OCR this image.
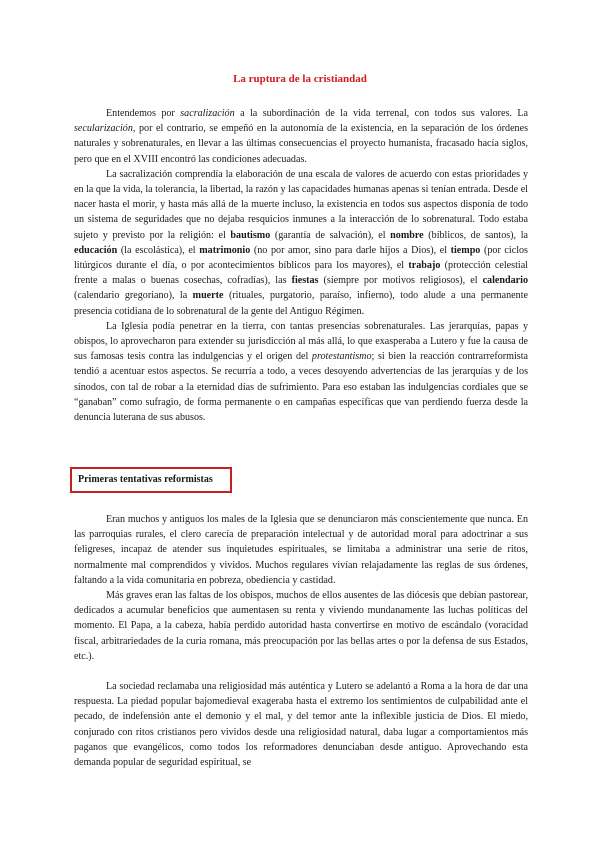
La ruptura de la cristiandad

Entendemos por sacralización a la subordinación de la vida terrenal, con todos sus valores. La secularización, por el contrario, se empeñó en la autonomía de la existencia, en la separación de los órdenes naturales y sobrenaturales, en llevar a las últimas consecuencias el proyecto humanista, fracasado hacía siglos, pero que en el XVIII encontró las condiciones adecuadas.

La sacralización comprendía la elaboración de una escala de valores de acuerdo con estas prioridades y en la que la vida, la tolerancia, la libertad, la razón y las capacidades humanas apenas si tenían entrada. Desde el nacer hasta el morir, y hasta más allá de la muerte incluso, la existencia en todos sus aspectos disponía de todo un sistema de seguridades que no dejaba resquicios inmunes a la interacción de lo sobrenatural. Todo estaba sujeto y previsto por la religión: el bautismo (garantía de salvación), el nombre (bíblicos, de santos), la educación (la escolástica), el matrimonio (no por amor, sino para darle hijos a Dios), el tiempo (por ciclos litúrgicos durante el día, o por acontecimientos bíblicos para los mayores), el trabajo (protección celestial frente a malas o buenas cosechas, cofradías), las fiestas (siempre por motivos religiosos), el calendario (calendario gregoriano), la muerte (rituales, purgatorio, paraíso, infierno), todo alude a una permanente presencia cotidiana de lo sobrenatural de la gente del Antiguo Régimen.

La Iglesia podía penetrar en la tierra, con tantas presencias sobrenaturales. Las jerarquías, papas y obispos, lo aprovecharon para extender su jurisdicción al más allá, lo que exasperaba a Lutero y fue la causa de sus famosas tesis contra las indulgencias y el origen del protestantismo; si bien la reacción contrarreformista tendió a acentuar estos aspectos. Se recurría a todo, a veces desoyendo advertencias de las jerarquías y de los sínodos, con tal de robar a la eternidad días de sufrimiento. Para eso estaban las indulgencias cordiales que se “ganaban” como sufragio, de forma permanente o en campañas específicas que van perdiendo fuerza desde la denuncia luterana de sus abusos.

Primeras tentativas reformistas

Eran muchos y antiguos los males de la Iglesia que se denunciaron más conscientemente que nunca. En las parroquias rurales, el clero carecía de preparación intelectual y de autoridad moral para adoctrinar a sus feligreses, incapaz de atender sus inquietudes espirituales, se limitaba a administrar una serie de ritos, normalmente mal comprendidos y vividos. Muchos regulares vivían relajadamente las reglas de sus órdenes, faltando a la vida comunitaria en pobreza, obediencia y castidad.

Más graves eran las faltas de los obispos, muchos de ellos ausentes de las diócesis que debían pastorear, dedicados a acumular beneficios que aumentasen su renta y viviendo mundanamente las luchas políticas del momento. El Papa, a la cabeza, había perdido autoridad hasta convertirse en motivo de escándalo (voracidad fiscal, arbitrariedades de la curia romana, más preocupación por las bellas artes o por la defensa de sus Estados, etc.).

La sociedad reclamaba una religiosidad más auténtica y Lutero se adelantó a Roma a la hora de dar una respuesta. La piedad popular bajomedieval exageraba hasta el extremo los sentimientos de culpabilidad ante el pecado, de indefensión ante el demonio y el mal, y del temor ante la inflexible justicia de Dios. El miedo, conjurado con ritos cristianos pero vividos desde una religiosidad natural, daba lugar a comportamientos más paganos que evangélicos, como todos los reformadores denunciaban desde antiguo. Aprovechando esta demanda popular de seguridad espiritual, se
